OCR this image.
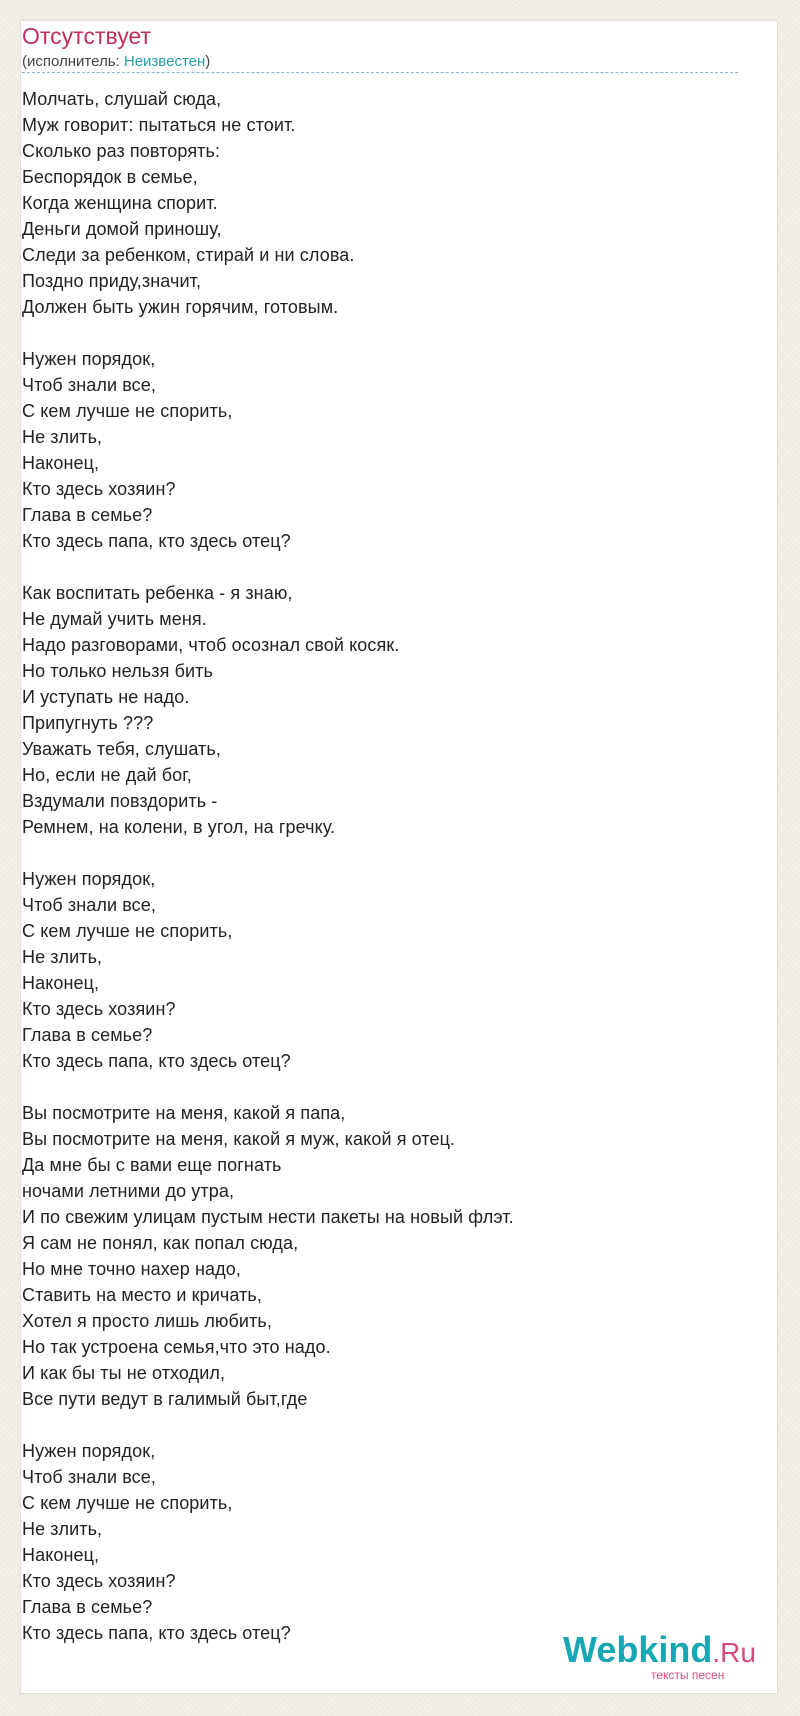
Отсутствует
(исполнитель: Неизвестен)
Молчать, слушай сюда,
Муж говорит: пытаться не стоит.
Сколько раз повторять:
Беспорядок в семье,
Когда женщина спорит.
Деньги домой приношу,
Следи за ребенком, стирай и ни слова.
Поздно приду,значит,
Должен быть ужин горячим, готовым.
Нужен порядок,
Чтоб знали все,
С кем лучше не спорить,
Не злить,
Наконец,
Кто здесь хозяин?
Глава в семье?
Кто здесь папа, кто здесь отец?
Как воспитать ребенка - я знаю,
Не думай учить меня.
Надо разговорами, чтоб осознал свой косяк.
Но только нельзя бить
И уступать не надо.
Припугнуть ???
Уважать тебя, слушать,
Но, если не дай бог,
Вздумали повздорить -
Ремнем, на колени, в угол, на гречку.
Нужен порядок,
Чтоб знали все,
С кем лучше не спорить,
Не злить,
Наконец,
Кто здесь хозяин?
Глава в семье?
Кто здесь папа, кто здесь отец?
Вы посмотрите на меня, какой я папа,
Вы посмотрите на меня, какой я муж, какой я отец.
Да мне бы с вами еще погнать
ночами летними до утра,
И по свежим улицам пустым нести пакеты на новый флэт.
Я сам не понял, как попал сюда,
Но мне точно нахер надо,
Ставить на место и кричать,
Хотел я просто лишь любить,
Но так устроена семья,что это надо.
И как бы ты не отходил,
Все пути ведут в галимый быт,где
Нужен порядок,
Чтоб знали все,
С кем лучше не спорить,
Не злить,
Наконец,
Кто здесь хозяин?
Глава в семье?
Кто здесь папа, кто здесь отец?	Webkind.Ru
тексты песен
